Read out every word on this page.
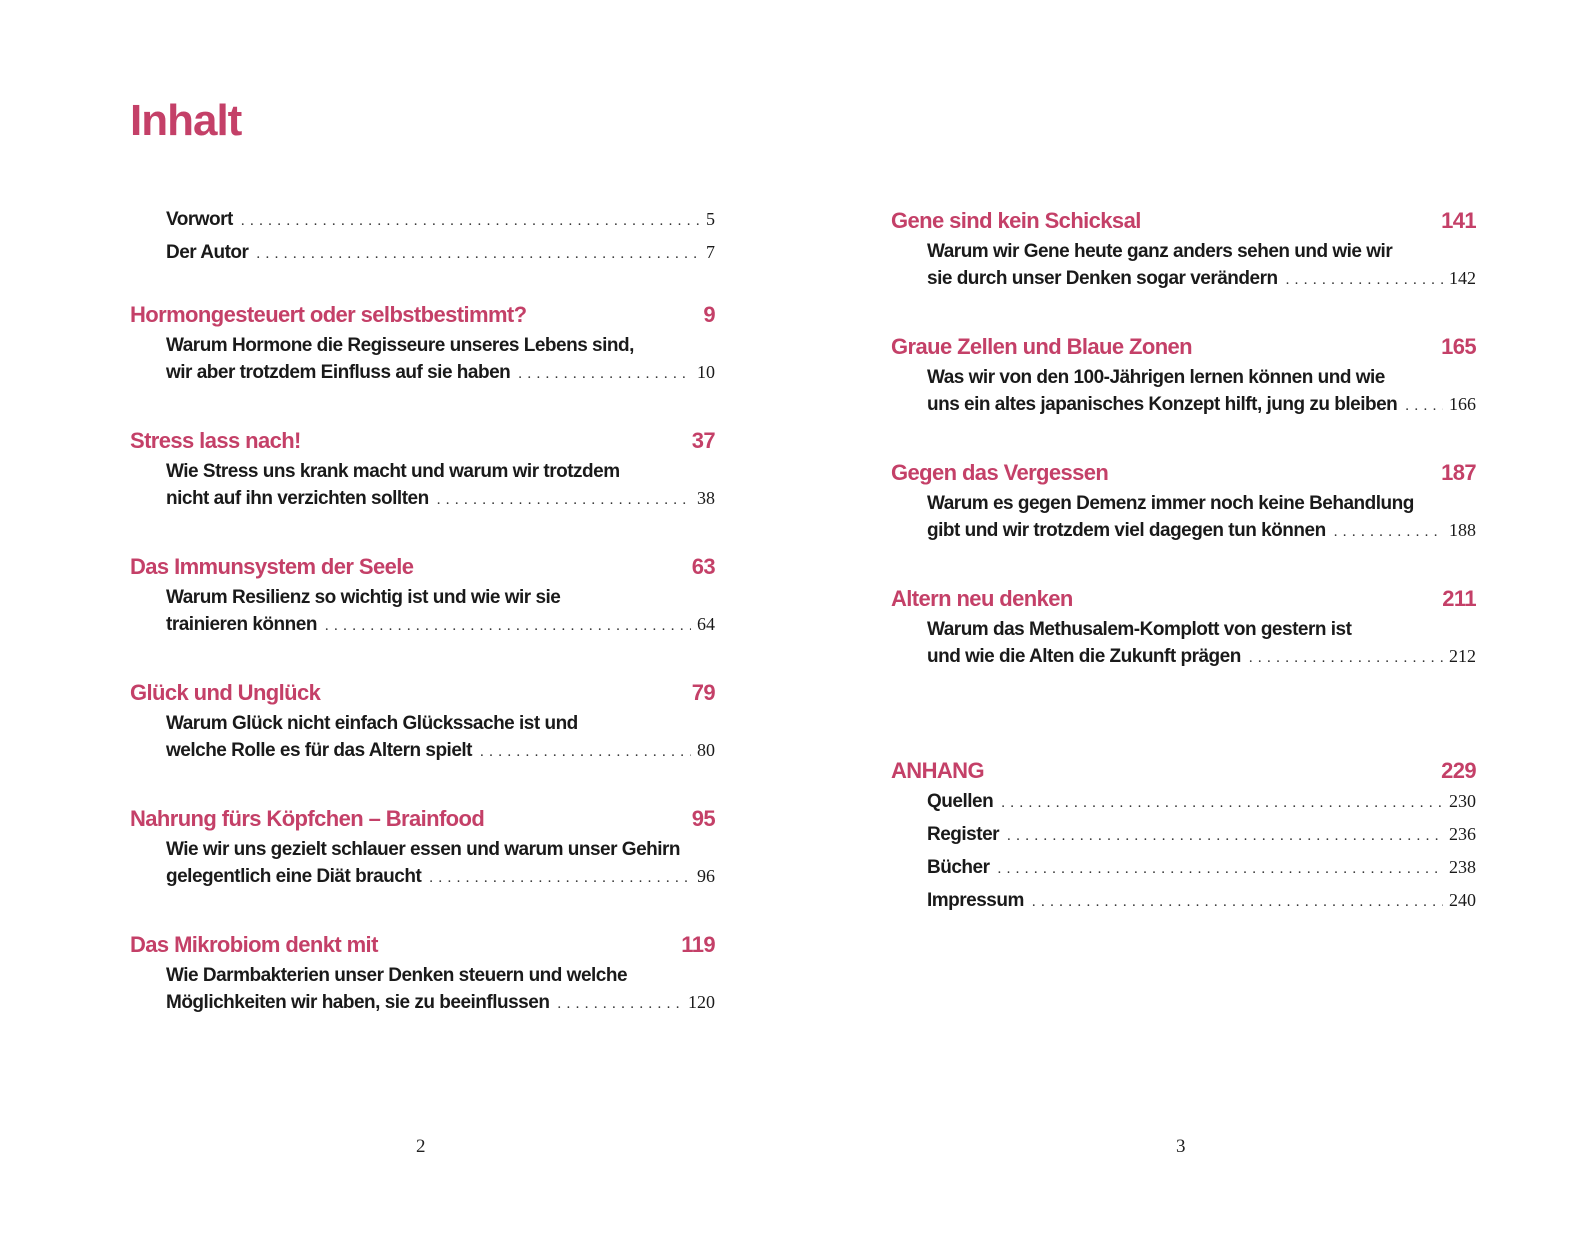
Inhalt
Vorwort . . .	5
Der Autor . . .	7
Hormongesteuert oder selbstbestimmt?	9
Warum Hormone die Regisseure unseres Lebens sind,
wir aber trotzdem Einfluss auf sie haben . . .	10
Stress lass nach!	37
Wie Stress uns krank macht und warum wir trotzdem
nicht auf ihn verzichten sollten . . .	38
Das Immunsystem der Seele	63
Warum Resilienz so wichtig ist und wie wir sie
trainieren können . . .	64
Glück und Unglück	79
Warum Glück nicht einfach Glückssache ist und
welche Rolle es für das Altern spielt . . .	80
Nahrung fürs Köpfchen – Brainfood	95
Wie wir uns gezielt schlauer essen und warum unser Gehirn
gelegentlich eine Diät braucht . . .	96
Das Mikrobiom denkt mit	119
Wie Darmbakterien unser Denken steuern und welche
Möglichkeiten wir haben, sie zu beeinflussen . . .	120
Gene sind kein Schicksal	141
Warum wir Gene heute ganz anders sehen und wie wir
sie durch unser Denken sogar verändern . . .	142
Graue Zellen und Blaue Zonen	165
Was wir von den 100-Jährigen lernen können und wie
uns ein altes japanisches Konzept hilft, jung zu bleiben . . .	166
Gegen das Vergessen	187
Warum es gegen Demenz immer noch keine Behandlung
gibt und wir trotzdem viel dagegen tun können . . .	188
Altern neu denken	211
Warum das Methusalem-Komplott von gestern ist
und wie die Alten die Zukunft prägen . . .	212
ANHANG	229
Quellen . . .	230
Register . . .	236
Bücher . . .	238
Impressum . . .	240
2	3
